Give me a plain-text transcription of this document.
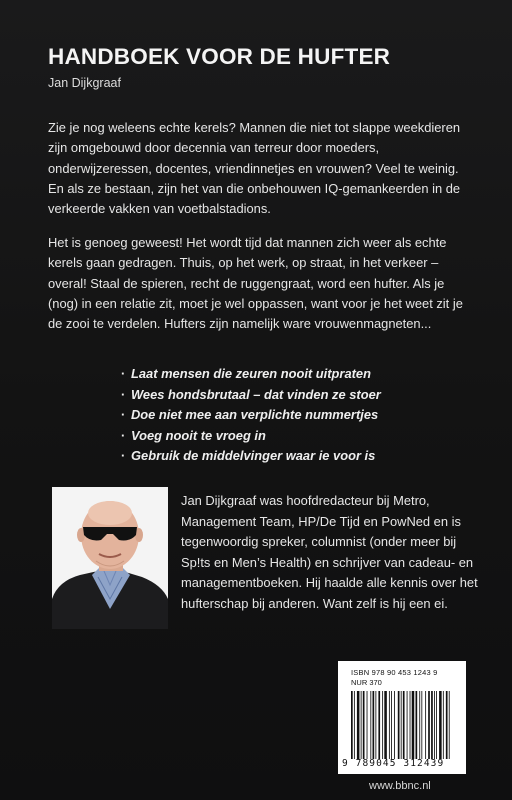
HANDBOEK VOOR DE HUFTER
Jan Dijkgraaf

Zie je nog weleens echte kerels? Mannen die niet tot slappe weekdieren zijn omgebouwd door decennia van terreur door moeders, onderwijzeressen, docentes, vriendinnetjes en vrouwen? Veel te weinig. En als ze bestaan, zijn het van die onbehouwen IQ-gemankeerden in de verkeerde vakken van voetbalstadions.

Het is genoeg geweest! Het wordt tijd dat mannen zich weer als echte kerels gaan gedragen. Thuis, op het werk, op straat, in het verkeer – overal! Staal de spieren, recht de ruggengraat, word een hufter. Als je (nog) in een relatie zit, moet je wel oppassen, want voor je het weet zit je de zooi te verdelen. Hufters zijn namelijk ware vrouwenmagneten...

· Laat mensen die zeuren nooit uitpraten
· Wees hondsbrutaal – dat vinden ze stoer
· Doe niet mee aan verplichte nummertjes
· Voeg nooit te vroeg in
· Gebruik de middelvinger waar ie voor is

Jan Dijkgraaf was hoofdredacteur bij Metro, Management Team, HP/De Tijd en PowNed en is tegenwoordig spreker, columnist (onder meer bij Sp!ts en Men’s Health) en schrijver van cadeau- en managementboeken. Hij haalde alle kennis over het hufterschap bij anderen. Want zelf is hij een ei.

ISBN 978 90 453 1243 9
NUR 370
9 789045 312439
www.bbnc.nl
